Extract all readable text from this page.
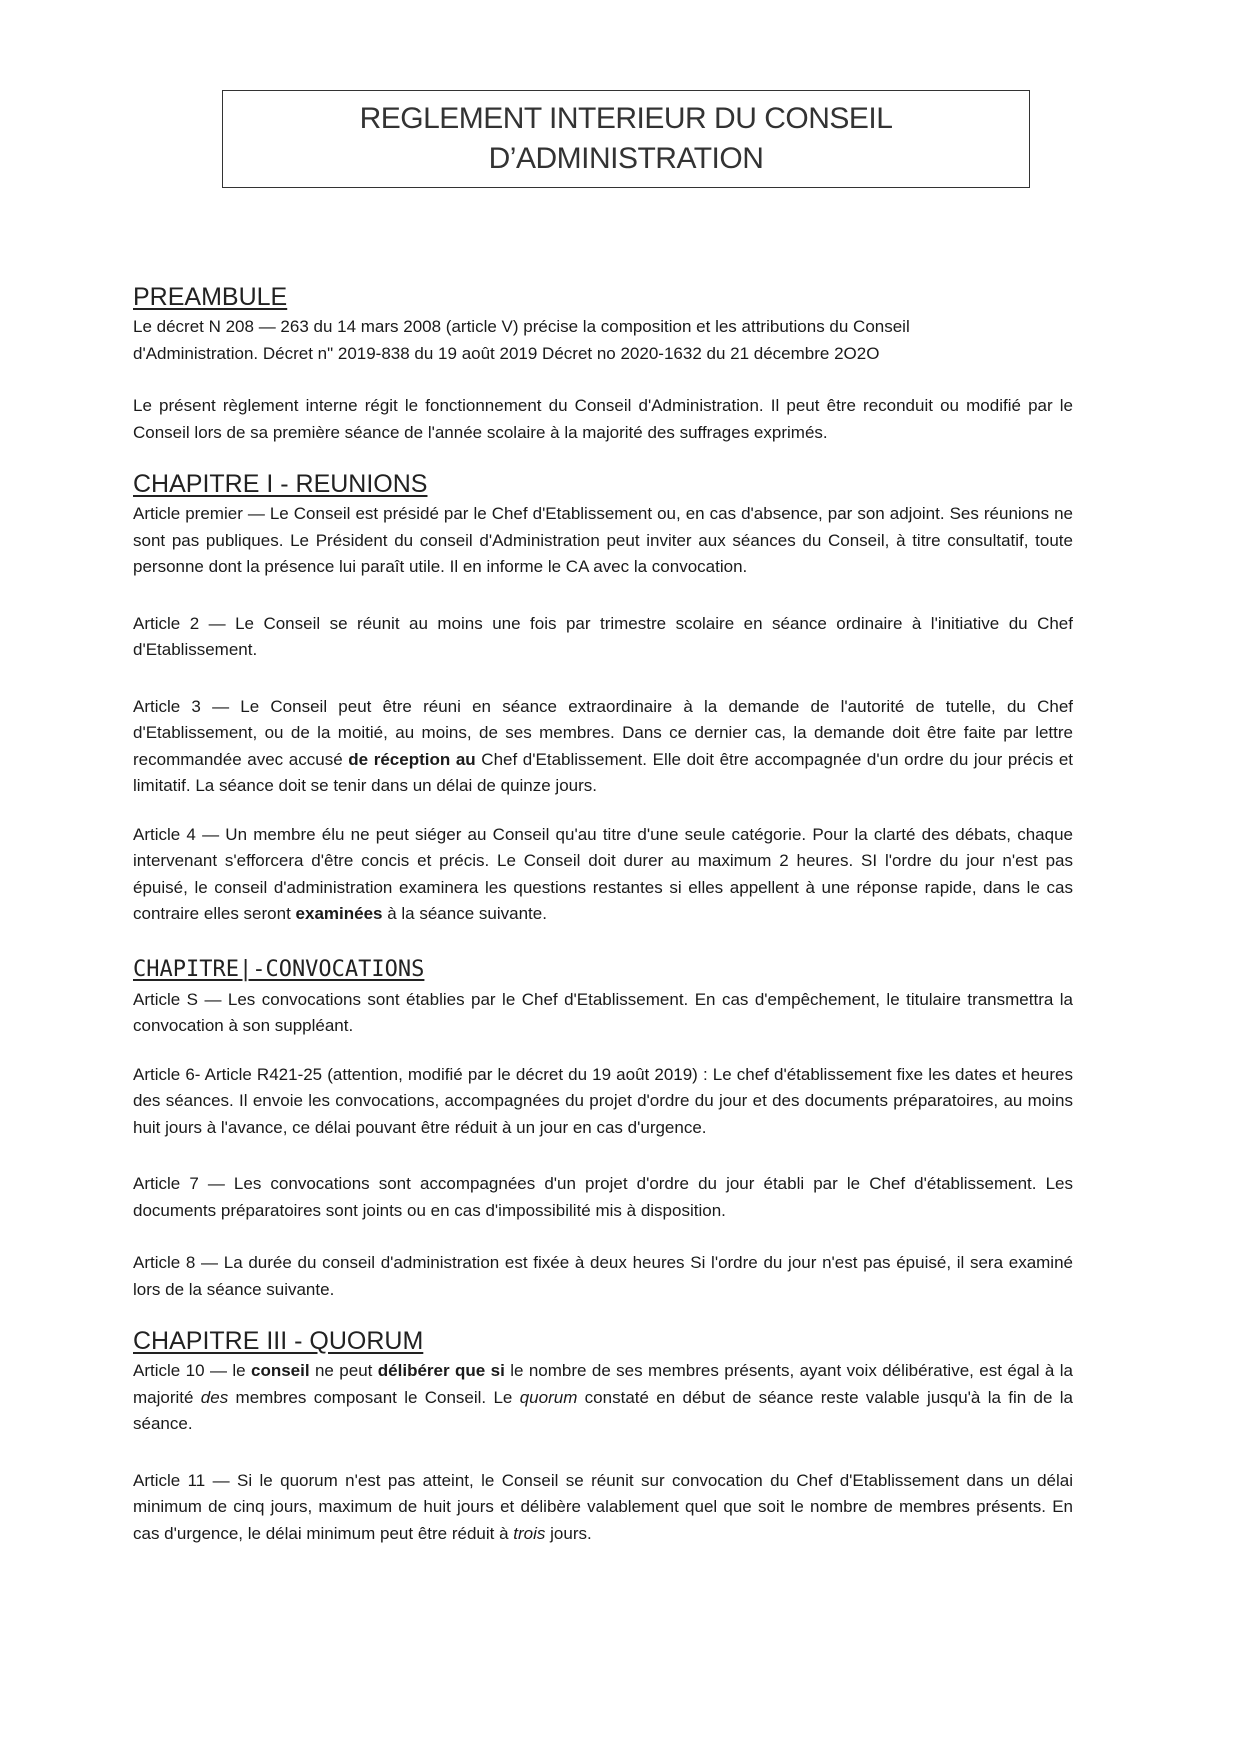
REGLEMENT INTERIEUR DU CONSEIL
D’ADMINISTRATION
PREAMBULE

Le décret N 208 — 263 du 14 mars 2008 (article V) précise la composition et les attributions du Conseil

d'Administration. Décret n" 2019-838 du 19 août 2019 Décret no 2020-1632 du 21 décembre 2O2O

Le présent règlement interne régit le fonctionnement du Conseil d'Administration. Il peut être reconduit ou modifié par le Conseil lors de sa première séance de l'année scolaire à la majorité des suffrages exprimés.

CHAPITRE I - REUNIONS

Article premier — Le Conseil est présidé par le Chef d'Etablissement ou, en cas d'absence, par son adjoint. Ses réunions ne sont pas publiques. Le Président du conseil d'Administration peut inviter aux séances du Conseil, à titre consultatif, toute personne dont la présence lui paraît utile. Il en informe le CA avec la convocation.

Article 2 — Le Conseil se réunit au moins une fois par trimestre scolaire en séance ordinaire à l'initiative du Chef d'Etablissement.

Article 3 — Le Conseil peut être réuni en séance extraordinaire à la demande de l'autorité de tutelle, du Chef d'Etablissement, ou de la moitié, au moins, de ses membres. Dans ce dernier cas, la demande doit être faite par lettre recommandée avec accusé de réception au Chef d'Etablissement. Elle doit être accompagnée d'un ordre du jour précis et limitatif. La séance doit se tenir dans un délai de quinze jours.

Article 4 — Un membre élu ne peut siéger au Conseil qu'au titre d'une seule catégorie. Pour la clarté des débats, chaque intervenant s'efforcera d'être concis et précis. Le Conseil doit durer au maximum 2 heures. SI l'ordre du jour n'est pas épuisé, le conseil d'administration examinera les questions restantes si elles appellent à une réponse rapide, dans le cas contraire elles seront examinées à la séance suivante.

CHAPITRE|-CONVOCATIONS

Article S — Les convocations sont établies par le Chef d'Etablissement. En cas d'empêchement, le titulaire transmettra la convocation à son suppléant.

Article 6- Article R421-25 (attention, modifié par le décret du 19 août 2019) : Le chef d'établissement fixe les dates et heures des séances. Il envoie les convocations, accompagnées du projet d'ordre du jour et des documents préparatoires, au moins huit jours à l'avance, ce délai pouvant être réduit à un jour en cas d'urgence.

Article 7 — Les convocations sont accompagnées d'un projet d'ordre du jour établi par le Chef d'établissement. Les documents préparatoires sont joints ou en cas d'impossibilité mis à disposition.

Article 8 — La durée du conseil d'administration est fixée à deux heures Si l'ordre du jour n'est pas épuisé, il sera examiné lors de la séance suivante.

CHAPITRE III - QUORUM

Article 10 — le conseil ne peut délibérer que si le nombre de ses membres présents, ayant voix délibérative, est égal à la majorité des membres composant le Conseil. Le quorum constaté en début de séance reste valable jusqu'à la fin de la séance.

Article 11 — Si le quorum n'est pas atteint, le Conseil se réunit sur convocation du Chef d'Etablissement dans un délai minimum de cinq jours, maximum de huit jours et délibère valablement quel que soit le nombre de membres présents. En cas d'urgence, le délai minimum peut être réduit à trois jours.
